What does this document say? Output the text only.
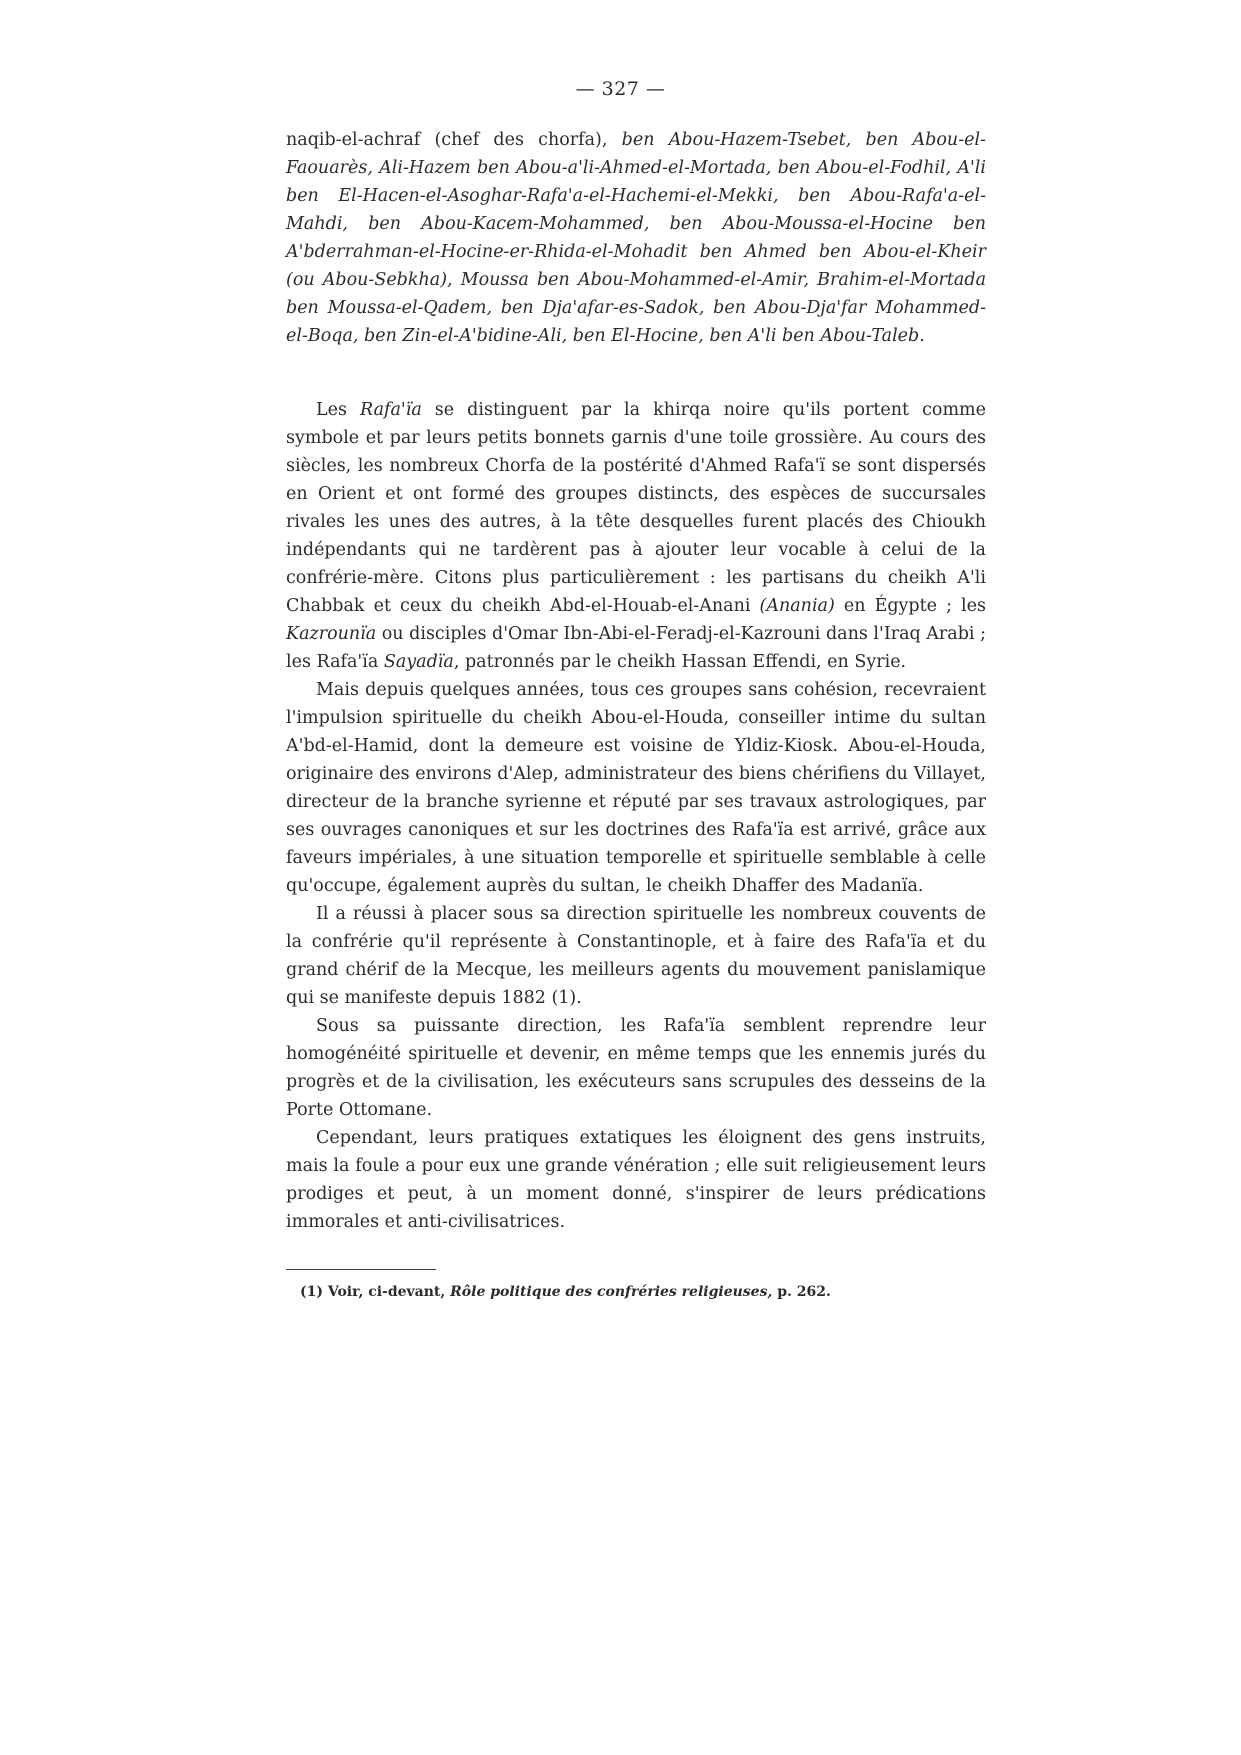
— 327 —
naqib-el-achraf (chef des chorfa), ben Abou-Hazem-Tsebet, ben Abou-el-Faouarès, Ali-Hazem ben Abou-a'li-Ahmed-el-Mortada, ben Abou-el-Fodhil, A'li ben El-Hacen-el-Asoghar-Rafa'a-el-Hachemi-el-Mekki, ben Abou-Rafa'a-el-Mahdi, ben Abou-Kacem-Mohammed, ben Abou-Moussa-el-Hocine ben A'bderrahman-el-Hocine-er-Rhida-el-Mohadit ben Ahmed ben Abou-el-Kheir (ou Abou-Sebkha), Moussa ben Abou-Mohammed-el-Amir, Brahim-el-Mortada ben Moussa-el-Qadem, ben Dja'afar-es-Sadok, ben Abou-Dja'far Mohammed-el-Boqa, ben Zin-el-A'bidine-Ali, ben El-Hocine, ben A'li ben Abou-Taleb.

Les Rafa'ïa se distinguent par la khirqa noire qu'ils portent comme symbole et par leurs petits bonnets garnis d'une toile grossière. Au cours des siècles, les nombreux Chorfa de la postérité d'Ahmed Rafa'ï se sont dispersés en Orient et ont formé des groupes distincts, des espèces de succursales rivales les unes des autres, à la tête desquelles furent placés des Chioukh indépendants qui ne tardèrent pas à ajouter leur vocable à celui de la confrérie-mère. Citons plus particulièrement : les partisans du cheikh A'li Chabbak et ceux du cheikh Abd-el-Houab-el-Anani (Anania) en Égypte ; les Kazrounïa ou disciples d'Omar Ibn-Abi-el-Feradj-el-Kazrouni dans l'Iraq Arabi ; les Rafa'ïa Sayadïa, patronnés par le cheikh Hassan Effendi, en Syrie.

Mais depuis quelques années, tous ces groupes sans cohésion, recevraient l'impulsion spirituelle du cheikh Abou-el-Houda, conseiller intime du sultan A'bd-el-Hamid, dont la demeure est voisine de Yldiz-Kiosk. Abou-el-Houda, originaire des environs d'Alep, administrateur des biens chérifiens du Villayet, directeur de la branche syrienne et réputé par ses travaux astrologiques, par ses ouvrages canoniques et sur les doctrines des Rafa'ïa est arrivé, grâce aux faveurs impériales, à une situation temporelle et spirituelle semblable à celle qu'occupe, également auprès du sultan, le cheikh Dhaffer des Madanïa.

Il a réussi à placer sous sa direction spirituelle les nombreux couvents de la confrérie qu'il représente à Constantinople, et à faire des Rafa'ïa et du grand chérif de la Mecque, les meilleurs agents du mouvement panislamique qui se manifeste depuis 1882 (1).

Sous sa puissante direction, les Rafa'ïa semblent reprendre leur homogénéité spirituelle et devenir, en même temps que les ennemis jurés du progrès et de la civilisation, les exécuteurs sans scrupules des desseins de la Porte Ottomane.

Cependant, leurs pratiques extatiques les éloignent des gens instruits, mais la foule a pour eux une grande vénération ; elle suit religieusement leurs prodiges et peut, à un moment donné, s'inspirer de leurs prédications immorales et anti-civilisatrices.

(1) Voir, ci-devant, Rôle politique des confréries religieuses, p. 262.
